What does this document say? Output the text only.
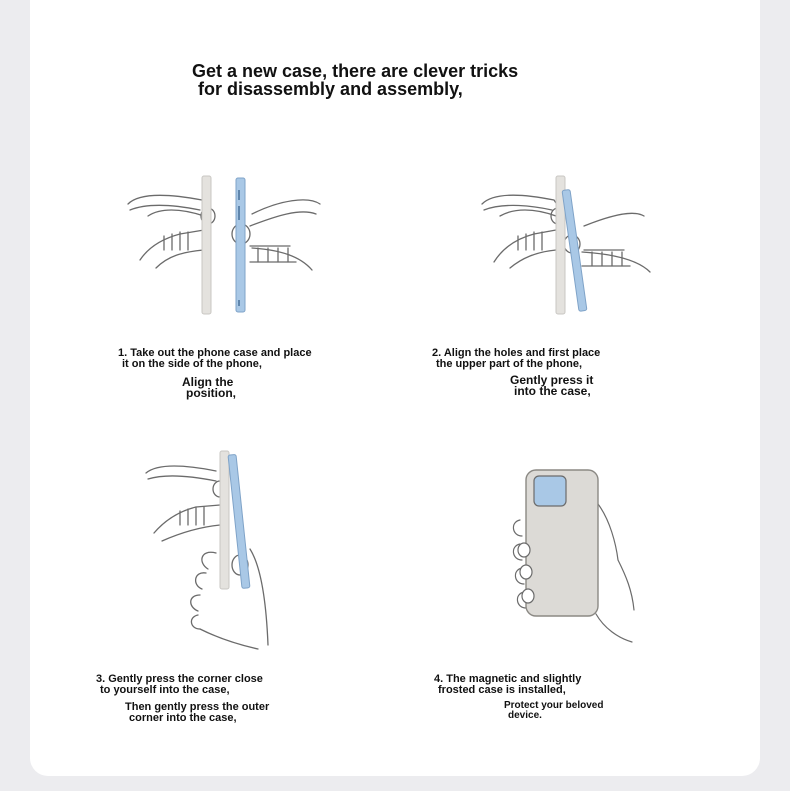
Get a new case, there are clever tricks
for disassembly and assembly,
1. Take out the phone case and place
it on the side of the phone,
Align the
position,
2. Align the holes and first place
the upper part of the phone,
Gently press it
into the case,
3. Gently press the corner close
to yourself into the case,
Then gently press the outer
corner into the case,
4. The magnetic and slightly
frosted case is installed,
Protect your beloved
device.
